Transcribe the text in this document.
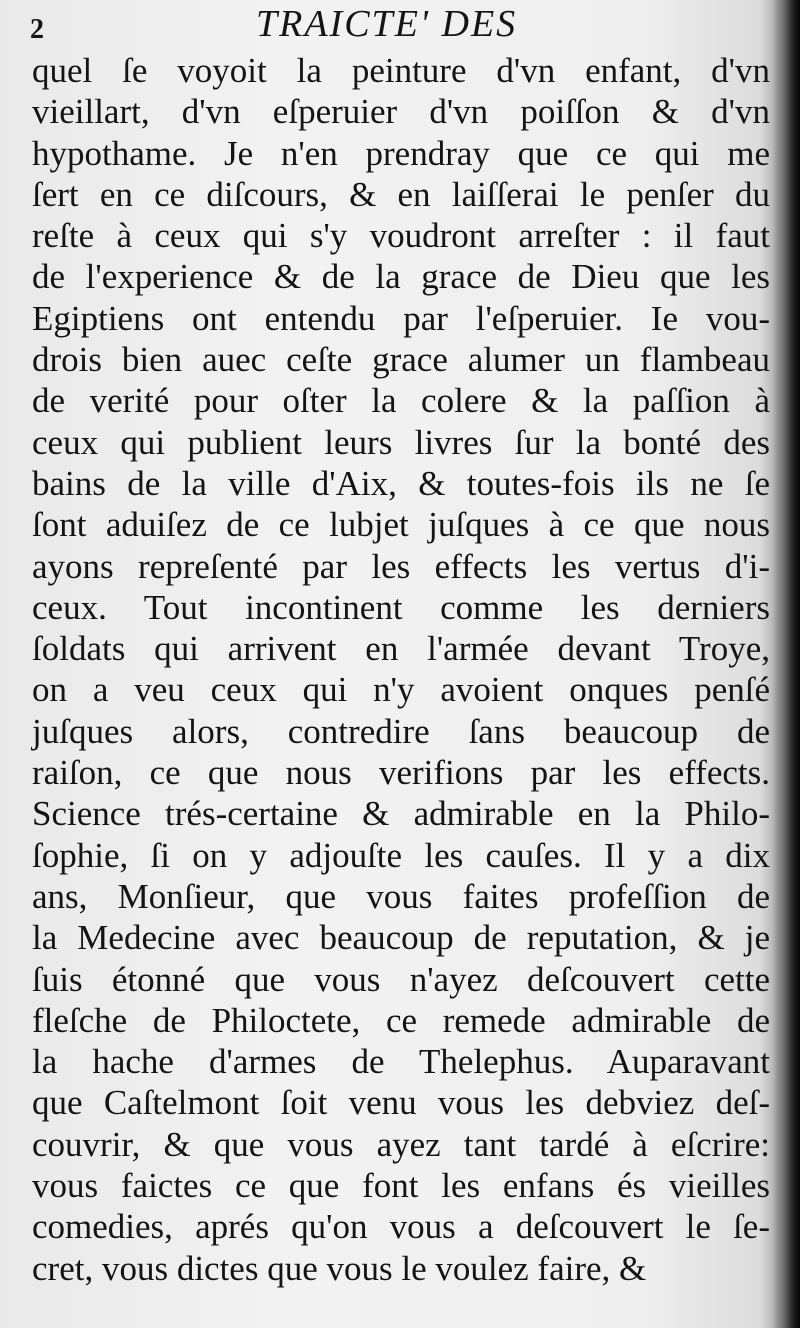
2	TRAICTE' DES
quel ſe voyoit la peinture d'vn enfant, d'vn
vieillart, d'vn eſperuier d'vn poiſſon & d'vn
hypothame. Je n'en prendray que ce qui me
ſert en ce diſcours, & en laiſſerai le penſer du
reſte à ceux qui s'y voudront arreſter : il faut
de l'experience & de la grace de Dieu que les
Egiptiens ont entendu par l'eſperuier. Ie vou-
drois bien auec ceſte grace alumer un flambeau
de verité pour oſter la colere & la paſſion à
ceux qui publient leurs livres ſur la bonté des
bains de la ville d'Aix, & toutes-fois ils ne ſe
ſont aduiſez de ce lubjet juſques à ce que nous
ayons repreſenté par les effects les vertus d'i-
ceux. Tout incontinent comme les derniers
ſoldats qui arrivent en l'armée devant Troye,
on a veu ceux qui n'y avoient onques penſé
juſques alors, contredire ſans beaucoup de
raiſon, ce que nous verifions par les effects.
Science trés-certaine & admirable en la Philo-
ſophie, ſi on y adjouſte les cauſes. Il y a dix
ans, Monſieur, que vous faites profeſſion de
la Medecine avec beaucoup de reputation, & je
ſuis étonné que vous n'ayez deſcouvert cette
fleſche de Philoctete, ce remede admirable de
la hache d'armes de Thelephus. Auparavant
que Caſtelmont ſoit venu vous les debviez deſ-
couvrir, & que vous ayez tant tardé à eſcrire:
vous faictes ce que font les enfans és vieilles
comedies, aprés qu'on vous a deſcouvert le ſe-
cret, vous dictes que vous le voulez faire, &
